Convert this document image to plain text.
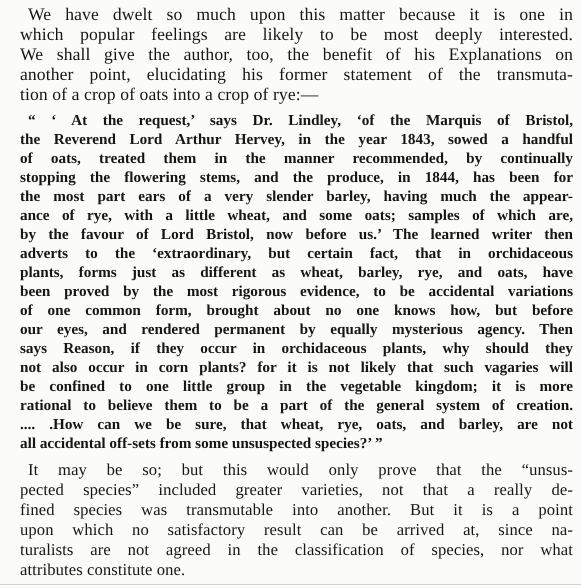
We have dwelt so much upon this matter because it is one in
which popular feelings are likely to be most deeply interested.
We shall give the author, too, the benefit of his Explanations on
another point, elucidating his former statement of the transmuta-
tion of a crop of oats into a crop of rye:—
“ ‘ At the request,’ says Dr. Lindley, ‘of the Marquis of Bristol,
the Reverend Lord Arthur Hervey, in the year 1843, sowed a handful
of oats, treated them in the manner recommended, by continually
stopping the flowering stems, and the produce, in 1844, has been for
the most part ears of a very slender barley, having much the appear-
ance of rye, with a little wheat, and some oats; samples of which are,
by the favour of Lord Bristol, now before us.’ The learned writer then
adverts to the ‘extraordinary, but certain fact, that in orchidaceous
plants, forms just as different as wheat, barley, rye, and oats, have
been proved by the most rigorous evidence, to be accidental variations
of one common form, brought about no one knows how, but before
our eyes, and rendered permanent by equally mysterious agency. Then
says Reason, if they occur in orchidaceous plants, why should they
not also occur in corn plants? for it is not likely that such vagaries will
be confined to one little group in the vegetable kingdom; it is more
rational to believe them to be a part of the general system of creation.
.... .How can we be sure, that wheat, rye, oats, and barley, are not
all accidental off-sets from some unsuspected species?’ ”
It may be so; but this would only prove that the “unsus-
pected species” included greater varieties, not that a really de-
fined species was transmutable into another. But it is a point
upon which no satisfactory result can be arrived at, since na-
turalists are not agreed in the classification of species, nor what
attributes constitute one.
